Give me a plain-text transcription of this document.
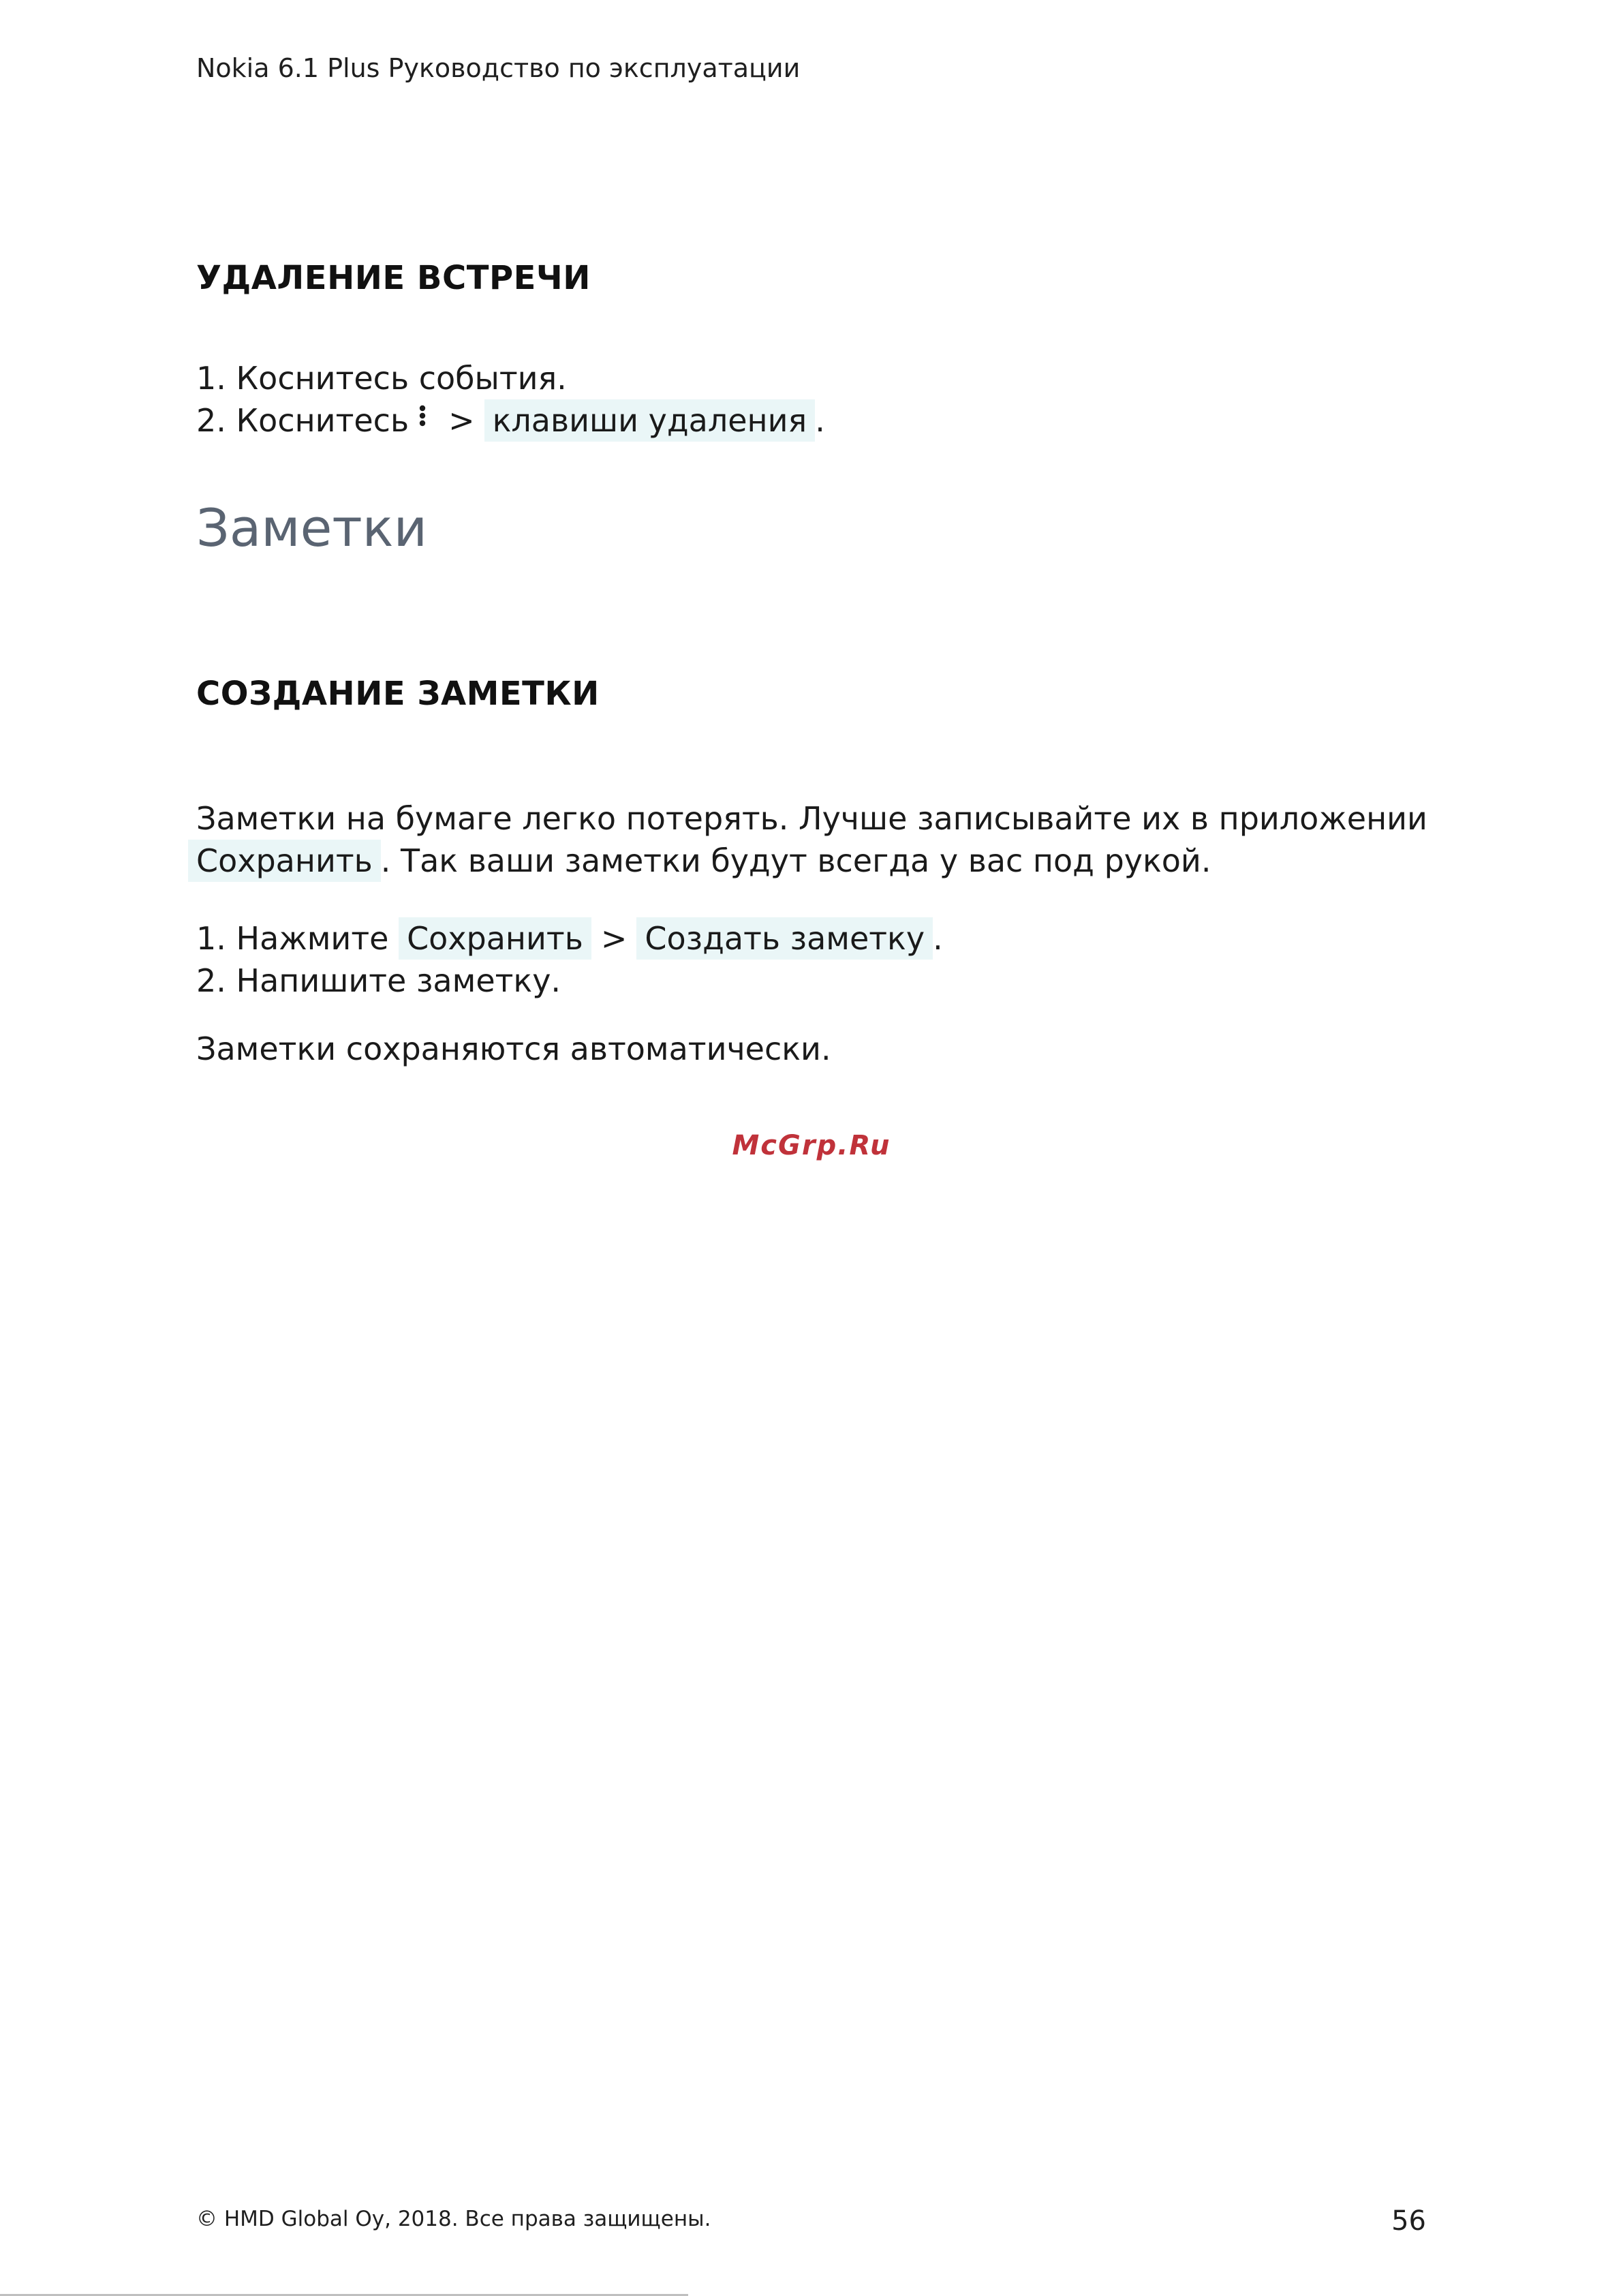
Nokia 6.1 Plus Руководство по эксплуатации
УДАЛЕНИЕ ВСТРЕЧИ
1. Коснитесь события.
2. Коснитесь > клавиши удаления .
Заметки
СОЗДАНИЕ ЗАМЕТКИ
Заметки на бумаге легко потерять. Лучше записывайте их в приложении
Сохранить . Так ваши заметки будут всегда у вас под рукой.
1. Нажмите Сохранить > Создать заметку .
2. Напишите заметку.
Заметки сохраняются автоматически.
McGrp.Ru
© HMD Global Oy, 2018. Все права защищены.	56
